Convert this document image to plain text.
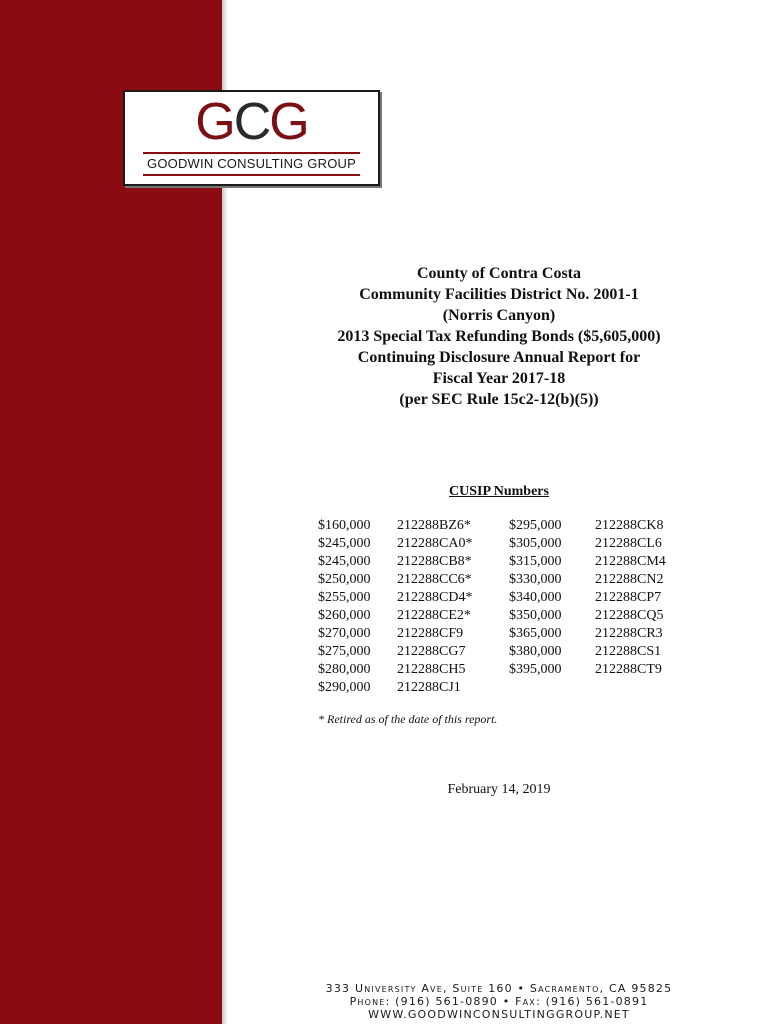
GCG
GOODWIN CONSULTING GROUP
County of Contra Costa
Community Facilities District No. 2001-1
(Norris Canyon)
2013 Special Tax Refunding Bonds ($5,605,000)
Continuing Disclosure Annual Report for
Fiscal Year 2017-18
(per SEC Rule 15c2-12(b)(5))
CUSIP Numbers
$160,000	212288BZ6*	$295,000	212288CK8
$245,000	212288CA0*	$305,000	212288CL6
$245,000	212288CB8*	$315,000	212288CM4
$250,000	212288CC6*	$330,000	212288CN2
$255,000	212288CD4*	$340,000	212288CP7
$260,000	212288CE2*	$350,000	212288CQ5
$270,000	212288CF9	$365,000	212288CR3
$275,000	212288CG7	$380,000	212288CS1
$280,000	212288CH5	$395,000	212288CT9
$290,000	212288CJ1		
* Retired as of the date of this report.
February 14, 2019
333 University Ave, Suite 160 • Sacramento, CA 95825
Phone: (916) 561-0890 • Fax: (916) 561-0891
WWW.GOODWINCONSULTINGGROUP.NET
